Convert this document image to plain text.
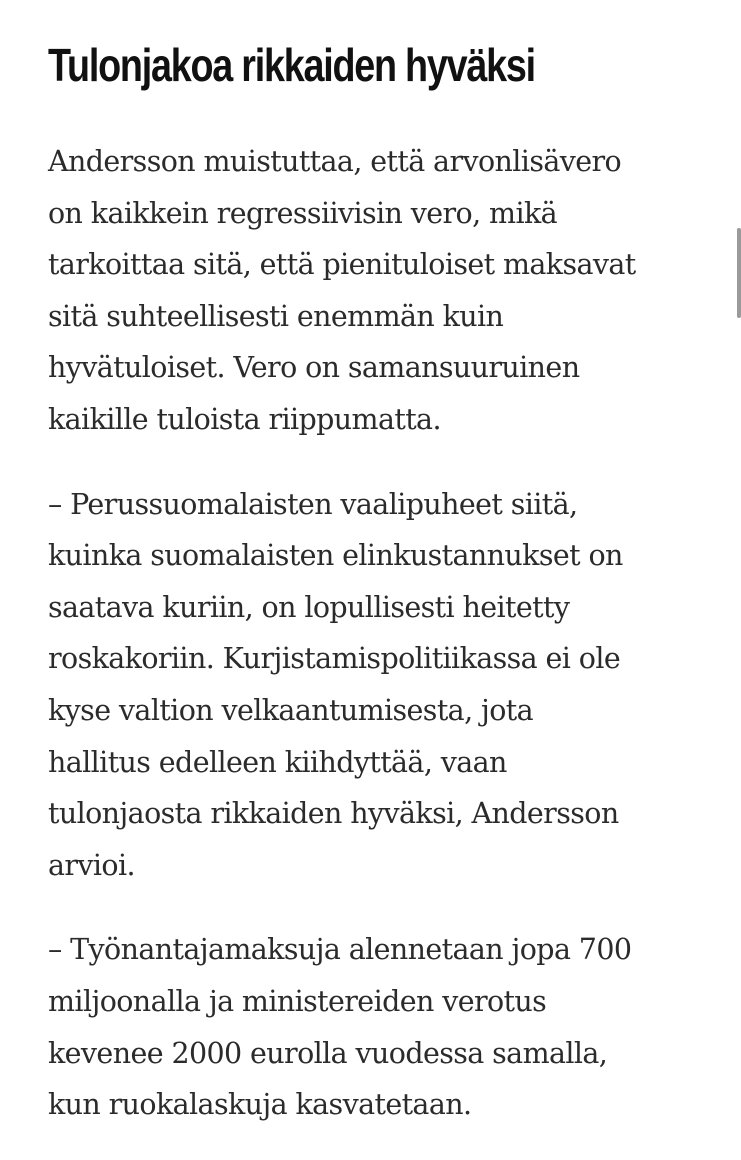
Tulonjakoa rikkaiden hyväksi

Andersson muistuttaa, että arvonlisävero
on kaikkein regressiivisin vero, mikä
tarkoittaa sitä, että pienituloiset maksavat
sitä suhteellisesti enemmän kuin
hyvätuloiset. Vero on samansuuruinen
kaikille tuloista riippumatta.

– Perussuomalaisten vaalipuheet siitä,
kuinka suomalaisten elinkustannukset on
saatava kuriin, on lopullisesti heitetty
roskakoriin. Kurjistamispolitiikassa ei ole
kyse valtion velkaantumisesta, jota
hallitus edelleen kiihdyttää, vaan
tulonjaosta rikkaiden hyväksi, Andersson
arvioi.

– Työnantajamaksuja alennetaan jopa 700
miljoonalla ja ministereiden verotus
kevenee 2000 eurolla vuodessa samalla,
kun ruokalaskuja kasvatetaan.
